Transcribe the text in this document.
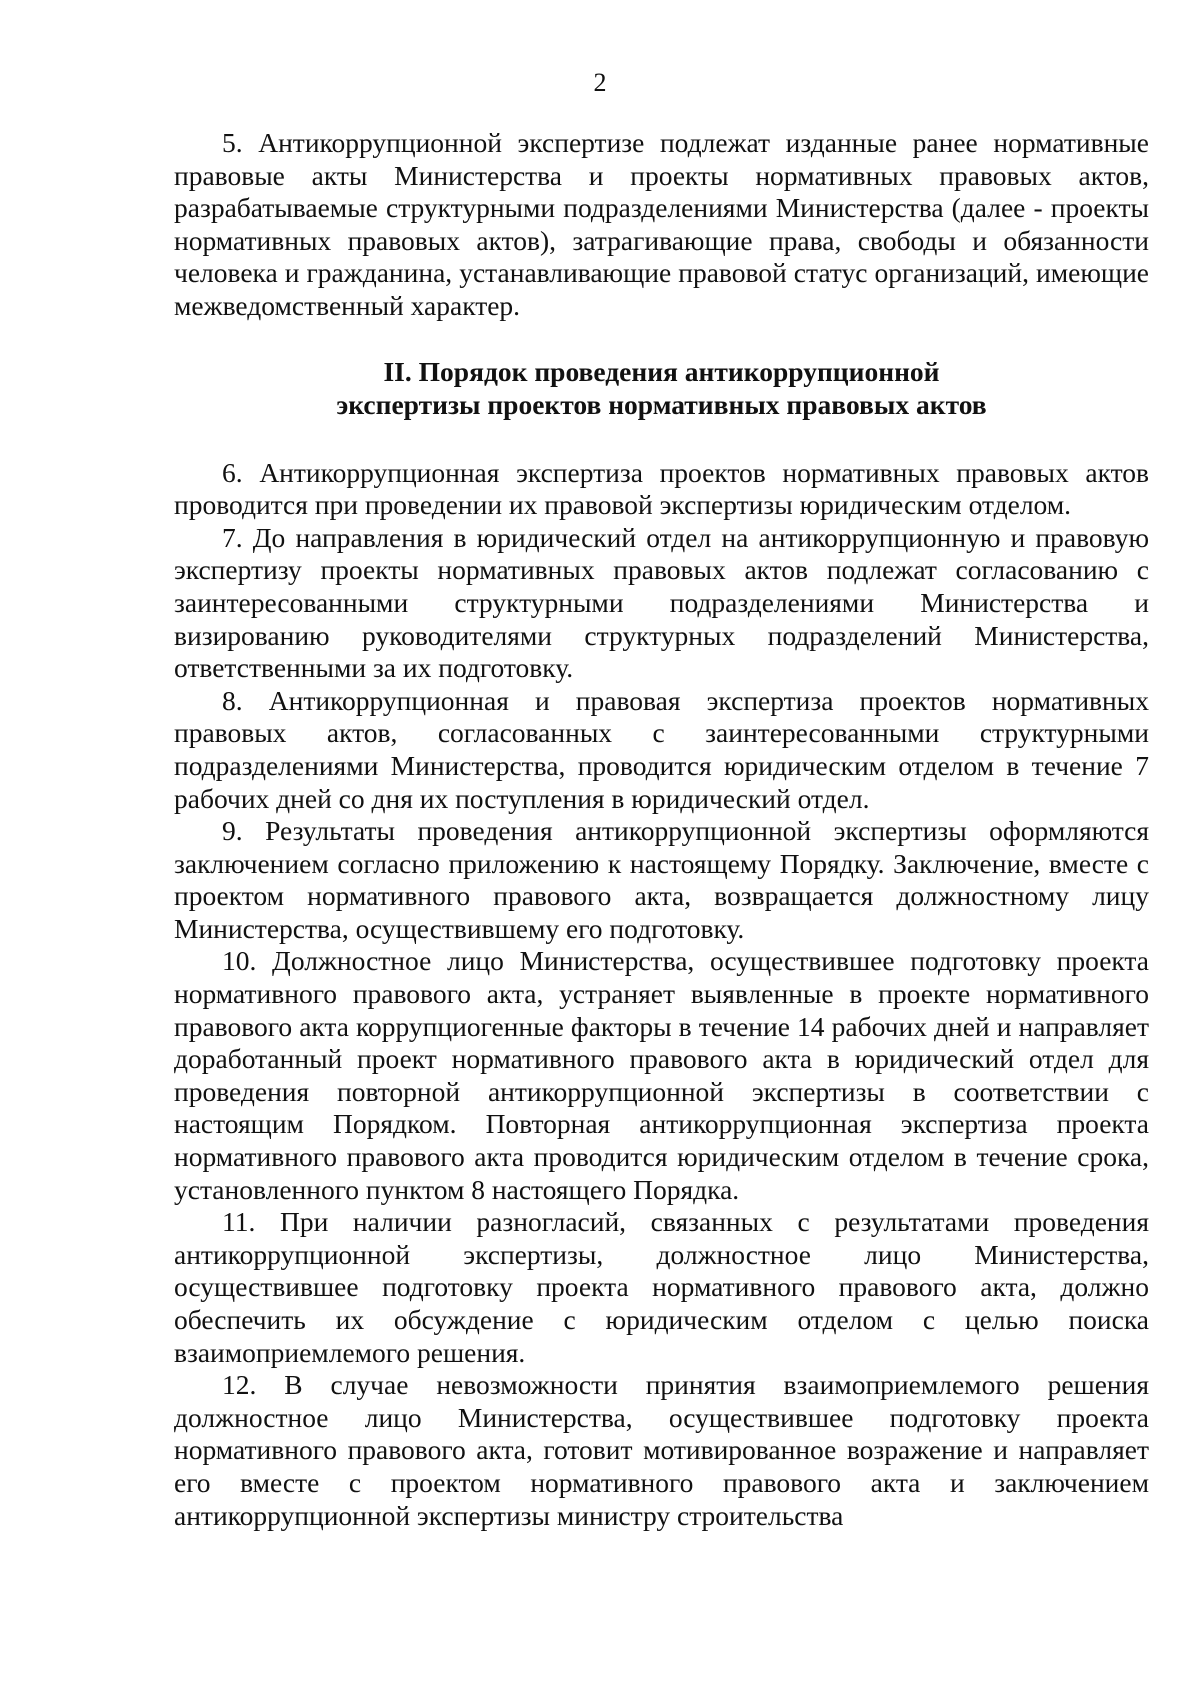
2

5. Антикоррупционной экспертизе подлежат изданные ранее нормативные правовые акты Министерства и проекты нормативных правовых актов, разрабатываемые структурными подразделениями Министерства (далее - проекты нормативных правовых актов), затрагивающие права, свободы и обязанности человека и гражданина, устанавливающие правовой статус организаций, имеющие межведомственный характер.

II. Порядок проведения антикоррупционной
экспертизы проектов нормативных правовых актов

6. Антикоррупционная экспертиза проектов нормативных правовых актов проводится при проведении их правовой экспертизы юридическим отделом.

7. До направления в юридический отдел на антикоррупционную и правовую экспертизу проекты нормативных правовых актов подлежат согласованию с заинтересованными структурными подразделениями Министерства и визированию руководителями структурных подразделений Министерства, ответственными за их подготовку.

8. Антикоррупционная и правовая экспертиза проектов нормативных правовых актов, согласованных с заинтересованными структурными подразделениями Министерства, проводится юридическим отделом в течение 7 рабочих дней со дня их поступления в юридический отдел.

9. Результаты проведения антикоррупционной экспертизы оформляются заключением согласно приложению к настоящему Порядку. Заключение, вместе с проектом нормативного правового акта, возвращается должностному лицу Министерства, осуществившему его подготовку.

10. Должностное лицо Министерства, осуществившее подготовку проекта нормативного правового акта, устраняет выявленные в проекте нормативного правового акта коррупциогенные факторы в течение 14 рабочих дней и направляет доработанный проект нормативного правового акта в юридический отдел для проведения повторной антикоррупционной экспертизы в соответствии с настоящим Порядком. Повторная антикоррупционная экспертиза проекта нормативного правового акта проводится юридическим отделом в течение срока, установленного пунктом 8 настоящего Порядка.

11. При наличии разногласий, связанных с результатами проведения антикоррупционной экспертизы, должностное лицо Министерства, осуществившее подготовку проекта нормативного правового акта, должно обеспечить их обсуждение с юридическим отделом с целью поиска взаимоприемлемого решения.

12. В случае невозможности принятия взаимоприемлемого решения должностное лицо Министерства, осуществившее подготовку проекта нормативного правового акта, готовит мотивированное возражение и направляет его вместе с проектом нормативного правового акта и заключением антикоррупционной экспертизы министру строительства
